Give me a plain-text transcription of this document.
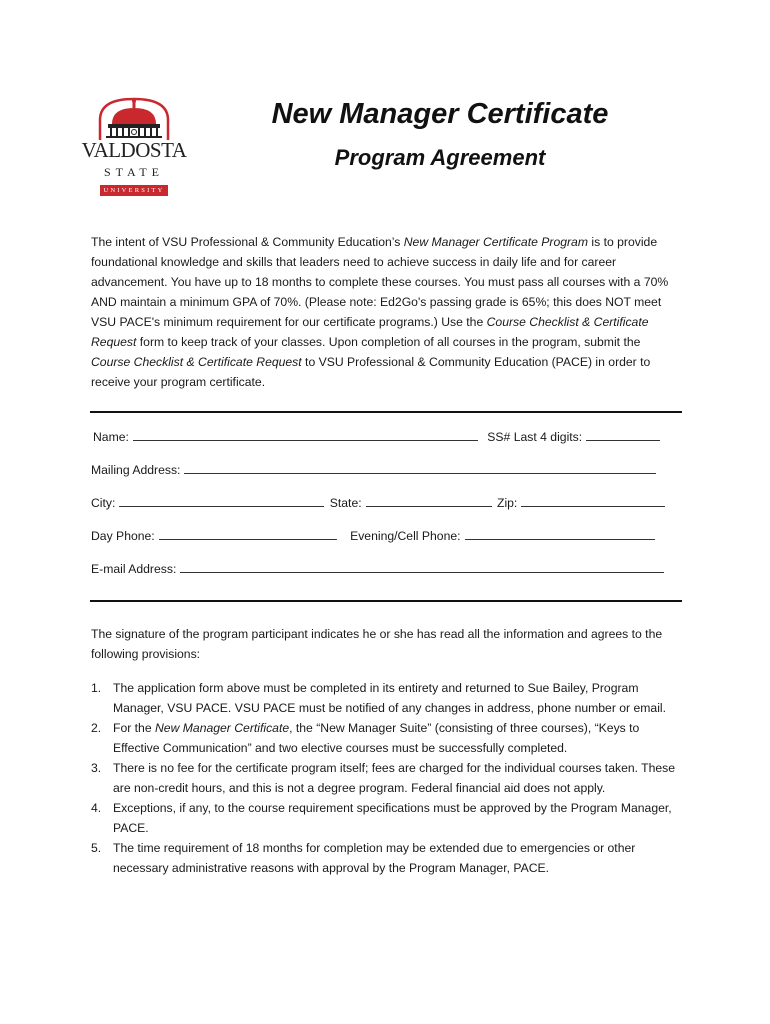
VALDOSTA
STATE
UNIVERSITY
New Manager Certificate
Program Agreement
The intent of VSU Professional & Community Education’s New Manager Certificate Program is to provide foundational knowledge and skills that leaders need to achieve success in daily life and for career advancement. You have up to 18 months to complete these courses. You must pass all courses with a 70% AND maintain a minimum GPA of 70%. (Please note: Ed2Go's passing grade is 65%; this does NOT meet VSU PACE's minimum requirement for our certificate programs.) Use the Course Checklist & Certificate Request form to keep track of your classes. Upon completion of all courses in the program, submit the Course Checklist & Certificate Request to VSU Professional & Community Education (PACE) in order to receive your program certificate.
Name:	SS# Last 4 digits:
Mailing Address:
City:	State:	Zip:
Day Phone:	Evening/Cell Phone:
E-mail Address:
The signature of the program participant indicates he or she has read all the information and agrees to the following provisions:
1. The application form above must be completed in its entirety and returned to Sue Bailey, Program Manager, VSU PACE. VSU PACE must be notified of any changes in address, phone number or email.
2. For the New Manager Certificate, the “New Manager Suite” (consisting of three courses), “Keys to Effective Communication” and two elective courses must be successfully completed.
3. There is no fee for the certificate program itself; fees are charged for the individual courses taken. These are non-credit hours, and this is not a degree program. Federal financial aid does not apply.
4. Exceptions, if any, to the course requirement specifications must be approved by the Program Manager, PACE.
5. The time requirement of 18 months for completion may be extended due to emergencies or other necessary administrative reasons with approval by the Program Manager, PACE.
